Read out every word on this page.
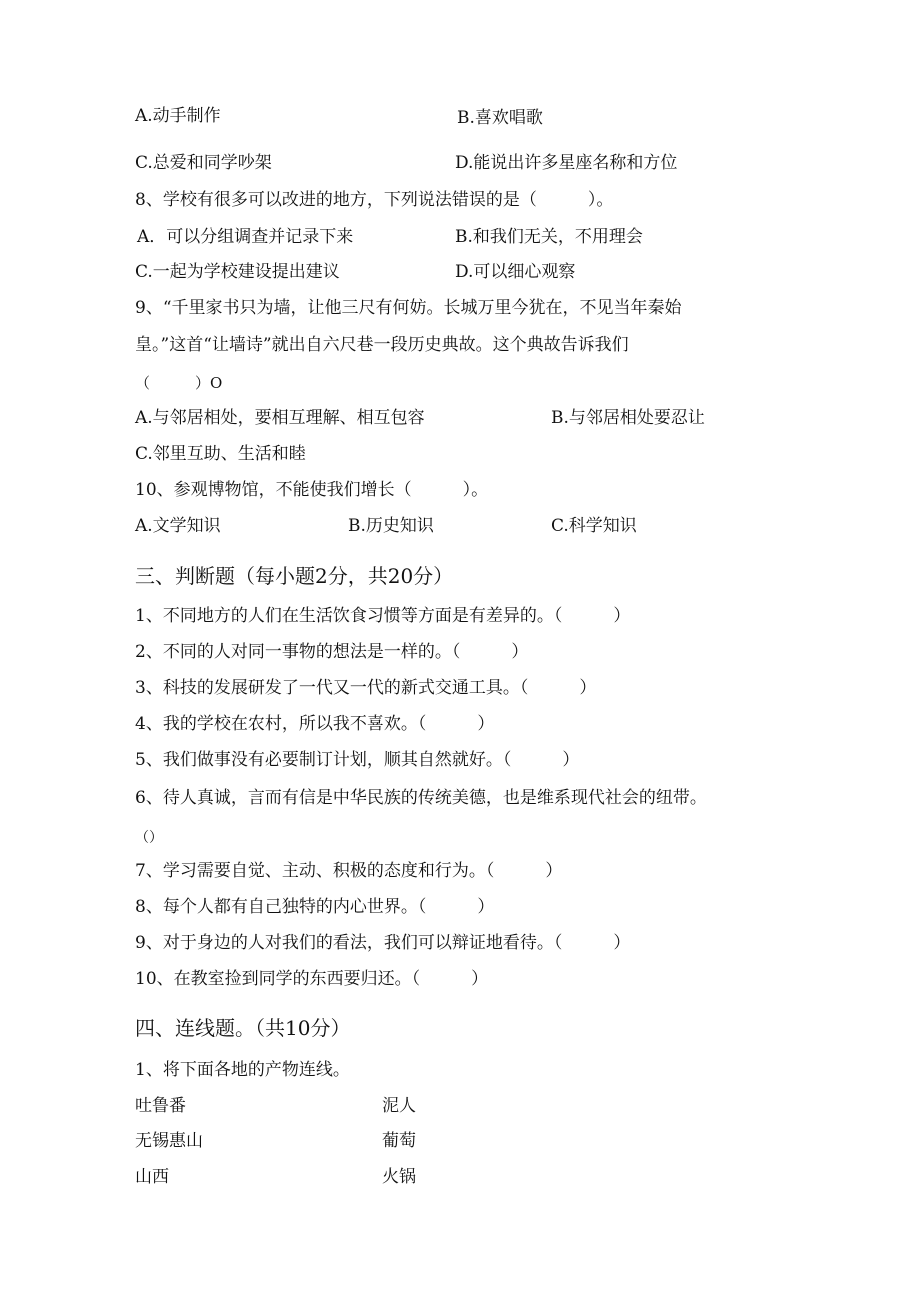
A.动手制作	B.喜欢唱歌
C.总爱和同学吵架	D.能说出许多星座名称和方位
8、学校有很多可以改进的地方，下列说法错误的是（　　　）。
A．可以分组调查并记录下来	B.和我们无关，不用理会
C.一起为学校建设提出建议	D.可以细心观察
9、“千里家书只为墙，让他三尺有何妨。长城万里今犹在，不见当年秦始
皇。”这首“让墙诗”就出自六尺巷一段历史典故。这个典故告诉我们
（　　　）O
A.与邻居相处，要相互理解、相互包容	B.与邻居相处要忍让
C.邻里互助、生活和睦
10、参观博物馆，不能使我们增长（　　　）。
A.文学知识	B.历史知识	C.科学知识
三、判断题（每小题2分，共20分）
1、不同地方的人们在生活饮食习惯等方面是有差异的。（　　　）
2、不同的人对同一事物的想法是一样的。（　　　）
3、科技的发展研发了一代又一代的新式交通工具。（　　　）
4、我的学校在农村，所以我不喜欢。（　　　）
5、我们做事没有必要制订计划，顺其自然就好。（　　　）
6、待人真诚，言而有信是中华民族的传统美德，也是维系现代社会的纽带。
（）
7、学习需要自觉、主动、积极的态度和行为。（　　　）
8、每个人都有自己独特的内心世界。（　　　）
9、对于身边的人对我们的看法，我们可以辩证地看待。（　　　）
10、在教室捡到同学的东西要归还。（　　　）
四、连线题。（共10分）
1、将下面各地的产物连线。
吐鲁番	泥人
无锡惠山	葡萄
山西	火锅
